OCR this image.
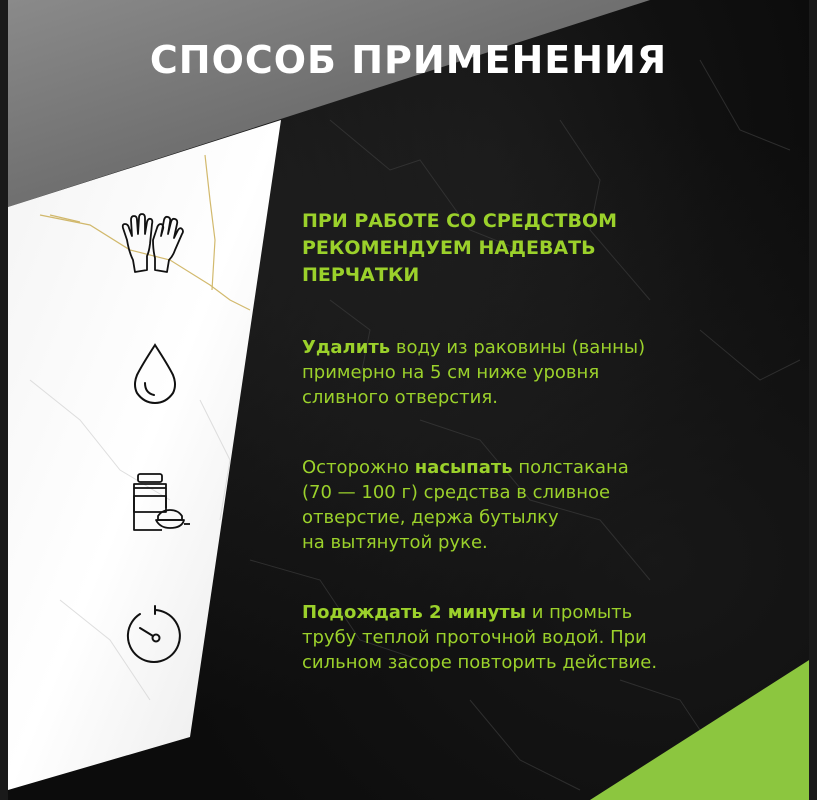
СПОСОБ ПРИМЕНЕНИЯ
ПРИ РАБОТЕ СО СРЕДСТВОМ
РЕКОМЕНДУЕМ НАДЕВАТЬ
ПЕРЧАТКИ
Удалить воду из раковины (ванны)
примерно на 5 см ниже уровня
сливного отверстия.
Осторожно насыпать полстакана
(70 — 100 г) средства в сливное
отверстие, держа бутылку
на вытянутой руке.
Подождать 2 минуты и промыть
трубу теплой проточной водой. При
сильном засоре повторить действие.
